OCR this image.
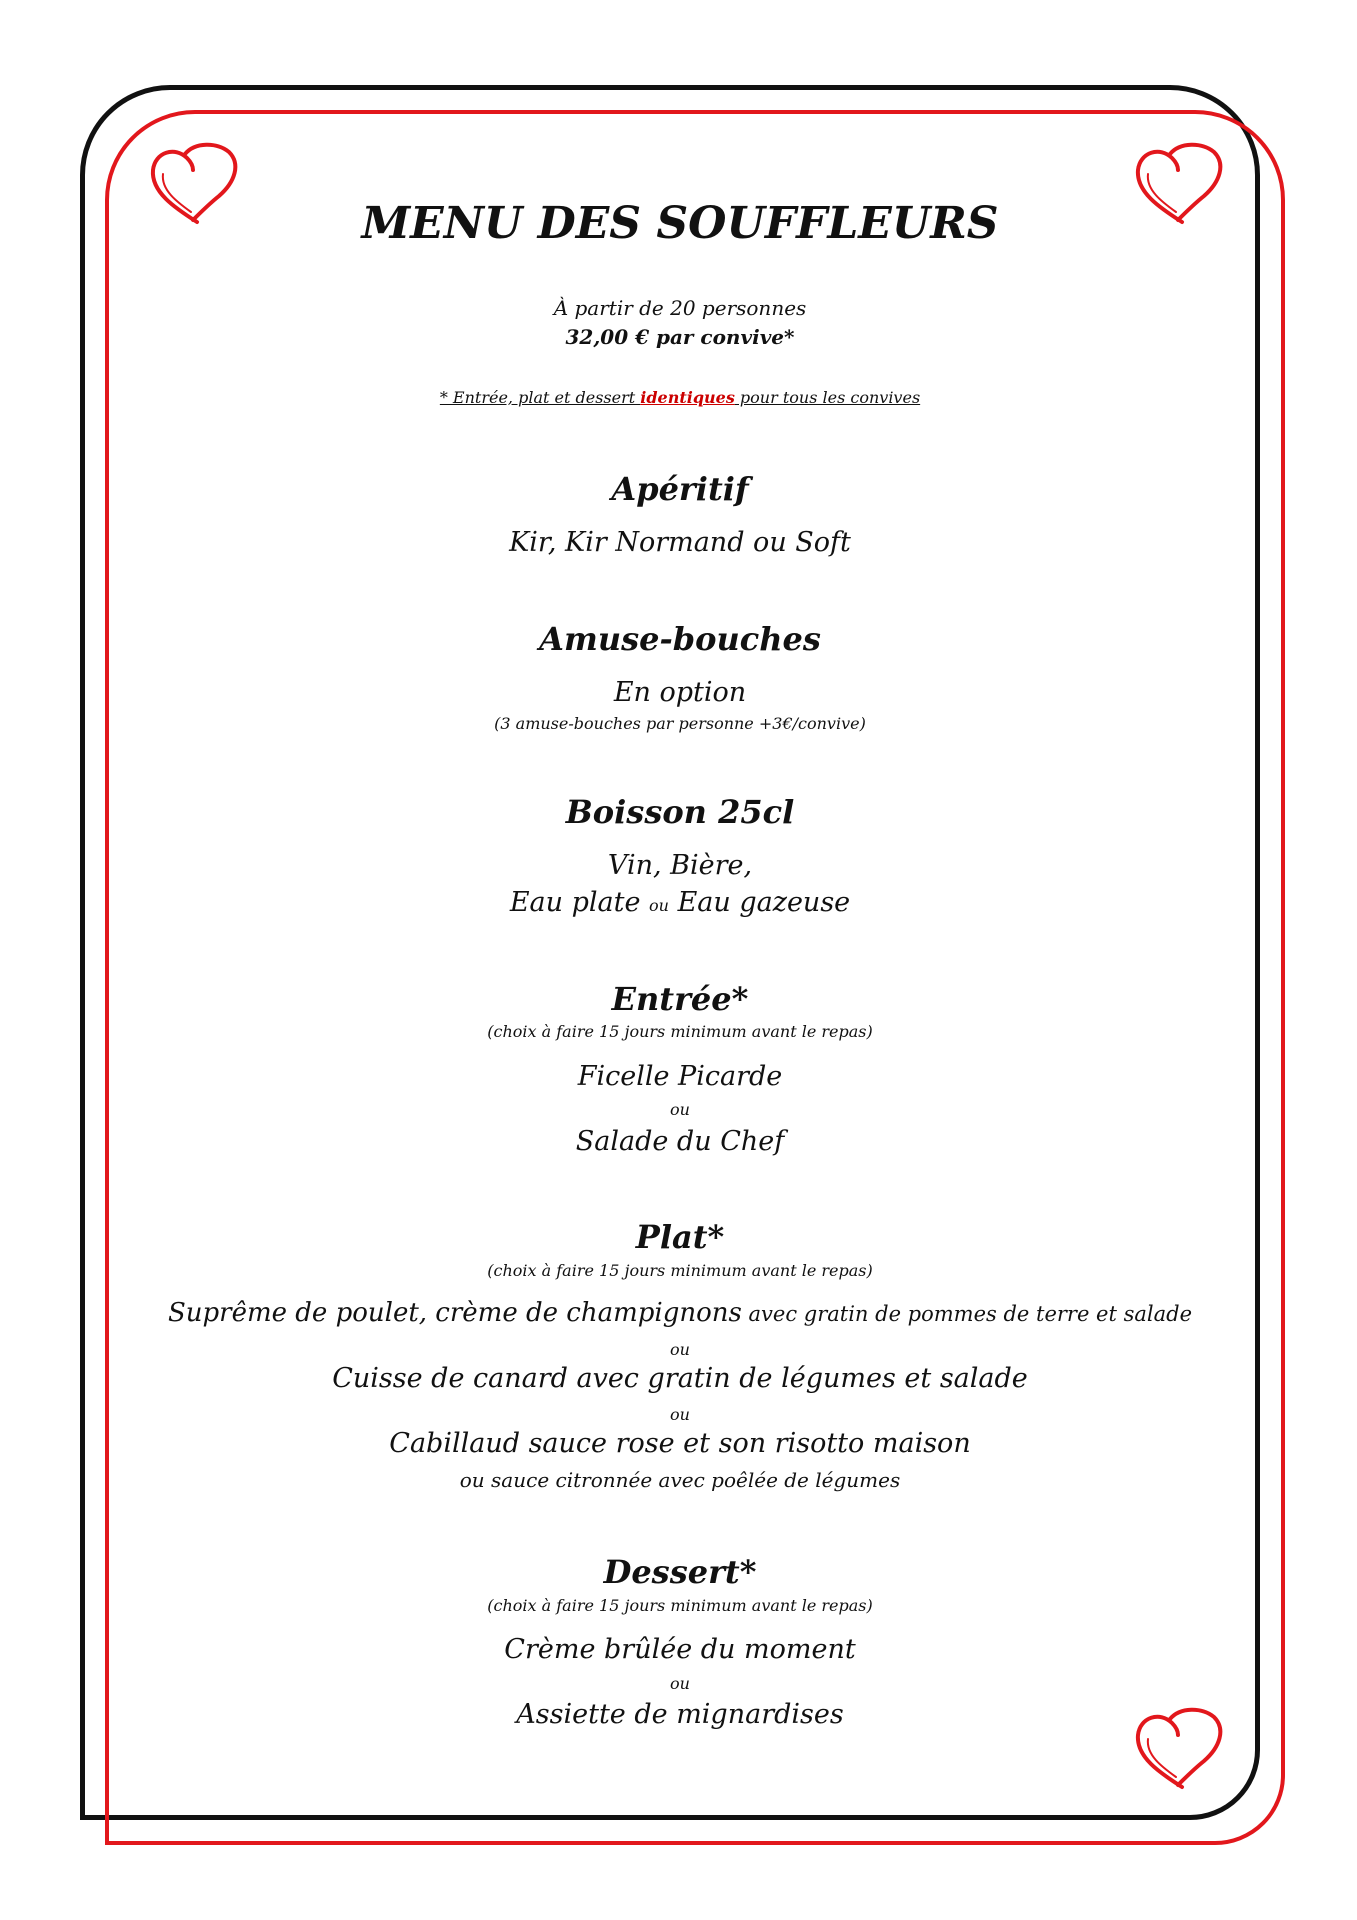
MENU DES SOUFFLEURS
À partir de 20 personnes
32,00 € par convive*
* Entrée, plat et dessert identiques pour tous les convives
Apéritif
Kir, Kir Normand ou Soft
Amuse-bouches
En option
(3 amuse-bouches par personne +3€/convive)
Boisson 25cl
Vin, Bière,
Eau plate ou Eau gazeuse
Entrée*
(choix à faire 15 jours minimum avant le repas)
Ficelle Picarde
ou
Salade du Chef
Plat*
(choix à faire 15 jours minimum avant le repas)
Suprême de poulet, crème de champignons avec gratin de pommes de terre et salade
ou
Cuisse de canard avec gratin de légumes et salade
ou
Cabillaud sauce rose et son risotto maison
ou sauce citronnée avec poêlée de légumes
Dessert*
(choix à faire 15 jours minimum avant le repas)
Crème brûlée du moment
ou
Assiette de mignardises
